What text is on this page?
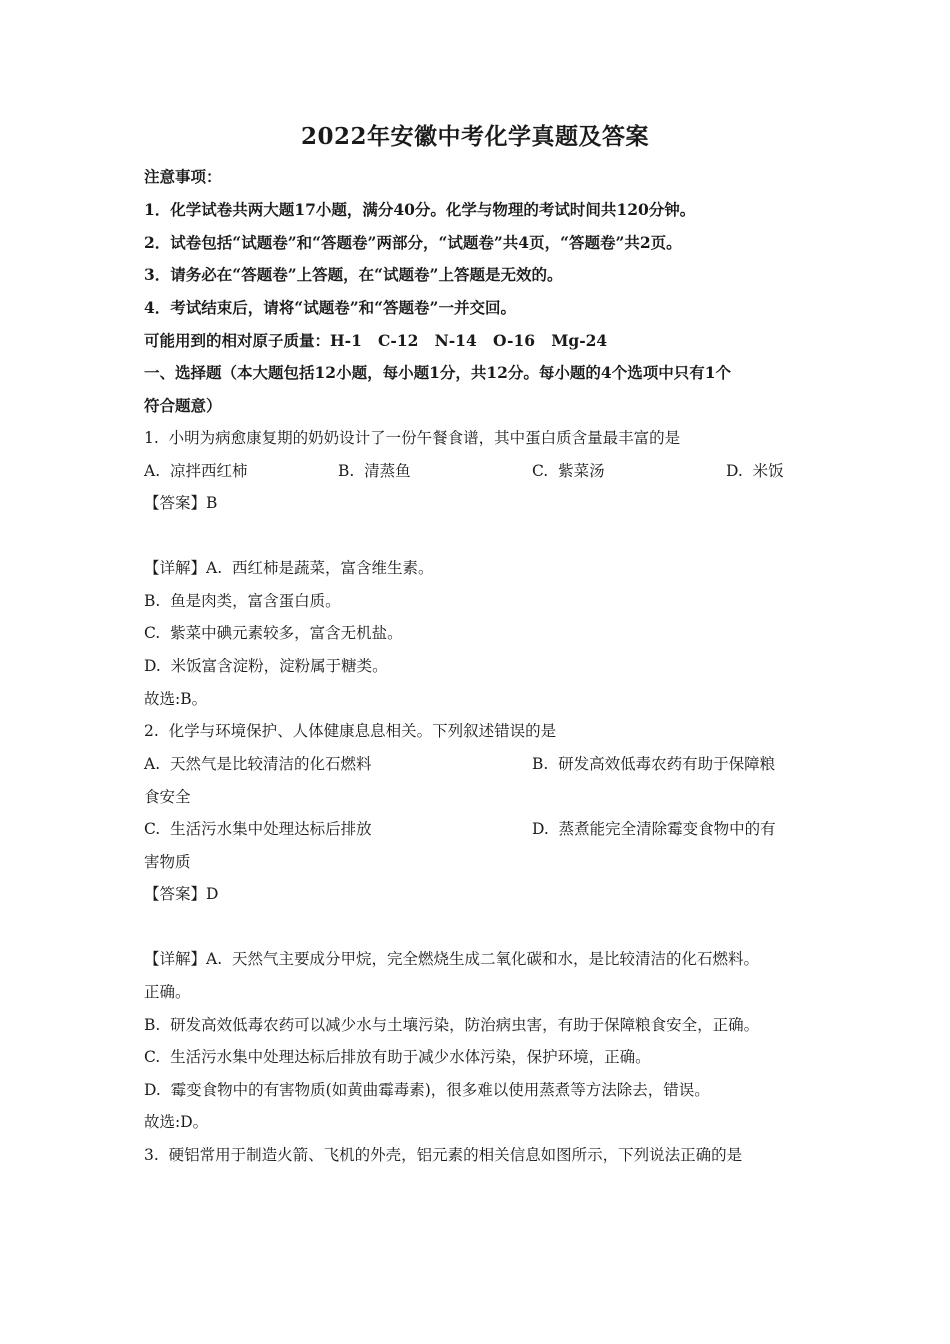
2022年安徽中考化学真题及答案
注意事项：
1．化学试卷共两大题17小题，满分40分。化学与物理的考试时间共120分钟。
2．试卷包括“试题卷”和“答题卷”两部分，“试题卷”共4页，“答题卷”共2页。
3．请务必在“答题卷”上答题，在“试题卷”上答题是无效的。
4．考试结束后，请将“试题卷”和“答题卷”一并交回。
可能用到的相对原子质量：H-1   C-12   N-14   O-16   Mg-24
一、选择题（本大题包括12小题，每小题1分，共12分。每小题的4个选项中只有1个
符合题意）
1.  小明为病愈康复期的奶奶设计了一份午餐食谱，其中蛋白质含量最丰富的是
A.  凉拌西红柿	B.  清蒸鱼	C.  紫菜汤	D.  米饭
【答案】B
【详解】A.  西红柿是蔬菜，富含维生素。
B.  鱼是肉类，富含蛋白质。
C.  紫菜中碘元素较多，富含无机盐。
D.  米饭富含淀粉，淀粉属于糖类。
故选:B。
2.  化学与环境保护、人体健康息息相关。下列叙述错误的是
A.  天然气是比较清洁的化石燃料	B.  研发高效低毒农药有助于保障粮
食安全
C.  生活污水集中处理达标后排放	D.  蒸煮能完全清除霉变食物中的有
害物质
【答案】D
【详解】A.  天然气主要成分甲烷，完全燃烧生成二氧化碳和水，是比较清洁的化石燃料。
正确。
B.  研发高效低毒农药可以减少水与土壤污染，防治病虫害，有助于保障粮食安全，正确。
C.  生活污水集中处理达标后排放有助于减少水体污染，保护环境，正确。
D.  霉变食物中的有害物质(如黄曲霉毒素)，很多难以使用蒸煮等方法除去，错误。
故选:D。
3.  硬铝常用于制造火箭、飞机的外壳，铝元素的相关信息如图所示，下列说法正确的是
